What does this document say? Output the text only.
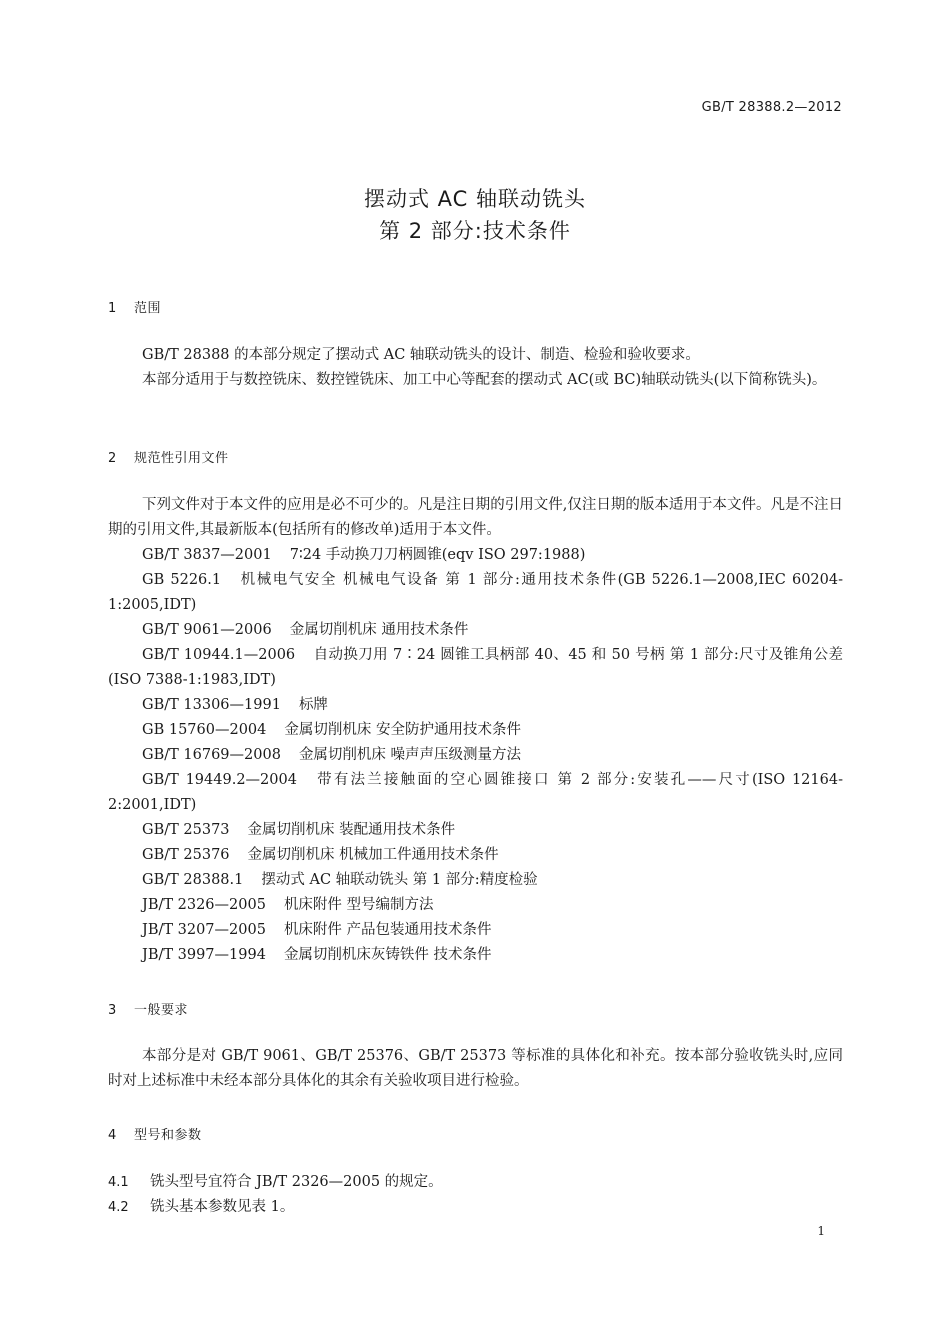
GB/T 28388.2—2012
摆动式 AC 轴联动铣头
第 2 部分:技术条件
1 范围

GB/T 28388 的本部分规定了摆动式 AC 轴联动铣头的设计、制造、检验和验收要求。

本部分适用于与数控铣床、数控镗铣床、加工中心等配套的摆动式 AC(或 BC)轴联动铣头(以下简称铣头)。

2 规范性引用文件

下列文件对于本文件的应用是必不可少的。凡是注日期的引用文件,仅注日期的版本适用于本文件。凡是不注日期的引用文件,其最新版本(包括所有的修改单)适用于本文件。

GB/T 3837—2001 7∶24 手动换刀刀柄圆锥(eqv ISO 297:1988)

GB 5226.1 机械电气安全 机械电气设备 第 1 部分:通用技术条件(GB 5226.1—2008,IEC 60204-1:2005,IDT)

GB/T 9061—2006 金属切削机床 通用技术条件

GB/T 10944.1—2006 自动换刀用 7∶24 圆锥工具柄部 40、45 和 50 号柄 第 1 部分:尺寸及锥角公差(ISO 7388-1:1983,IDT)

GB/T 13306—1991 标牌

GB 15760—2004 金属切削机床 安全防护通用技术条件

GB/T 16769—2008 金属切削机床 噪声声压级测量方法

GB/T 19449.2—2004 带有法兰接触面的空心圆锥接口 第 2 部分:安装孔——尺寸(ISO 12164-2:2001,IDT)

GB/T 25373 金属切削机床 装配通用技术条件

GB/T 25376 金属切削机床 机械加工件通用技术条件

GB/T 28388.1 摆动式 AC 轴联动铣头 第 1 部分:精度检验

JB/T 2326—2005 机床附件 型号编制方法

JB/T 3207—2005 机床附件 产品包装通用技术条件

JB/T 3997—1994 金属切削机床灰铸铁件 技术条件

3 一般要求

本部分是对 GB/T 9061、GB/T 25376、GB/T 25373 等标准的具体化和补充。按本部分验收铣头时,应同时对上述标准中未经本部分具体化的其余有关验收项目进行检验。

4 型号和参数

4.1 铣头型号宜符合 JB/T 2326—2005 的规定。

4.2 铣头基本参数见表 1。

1
